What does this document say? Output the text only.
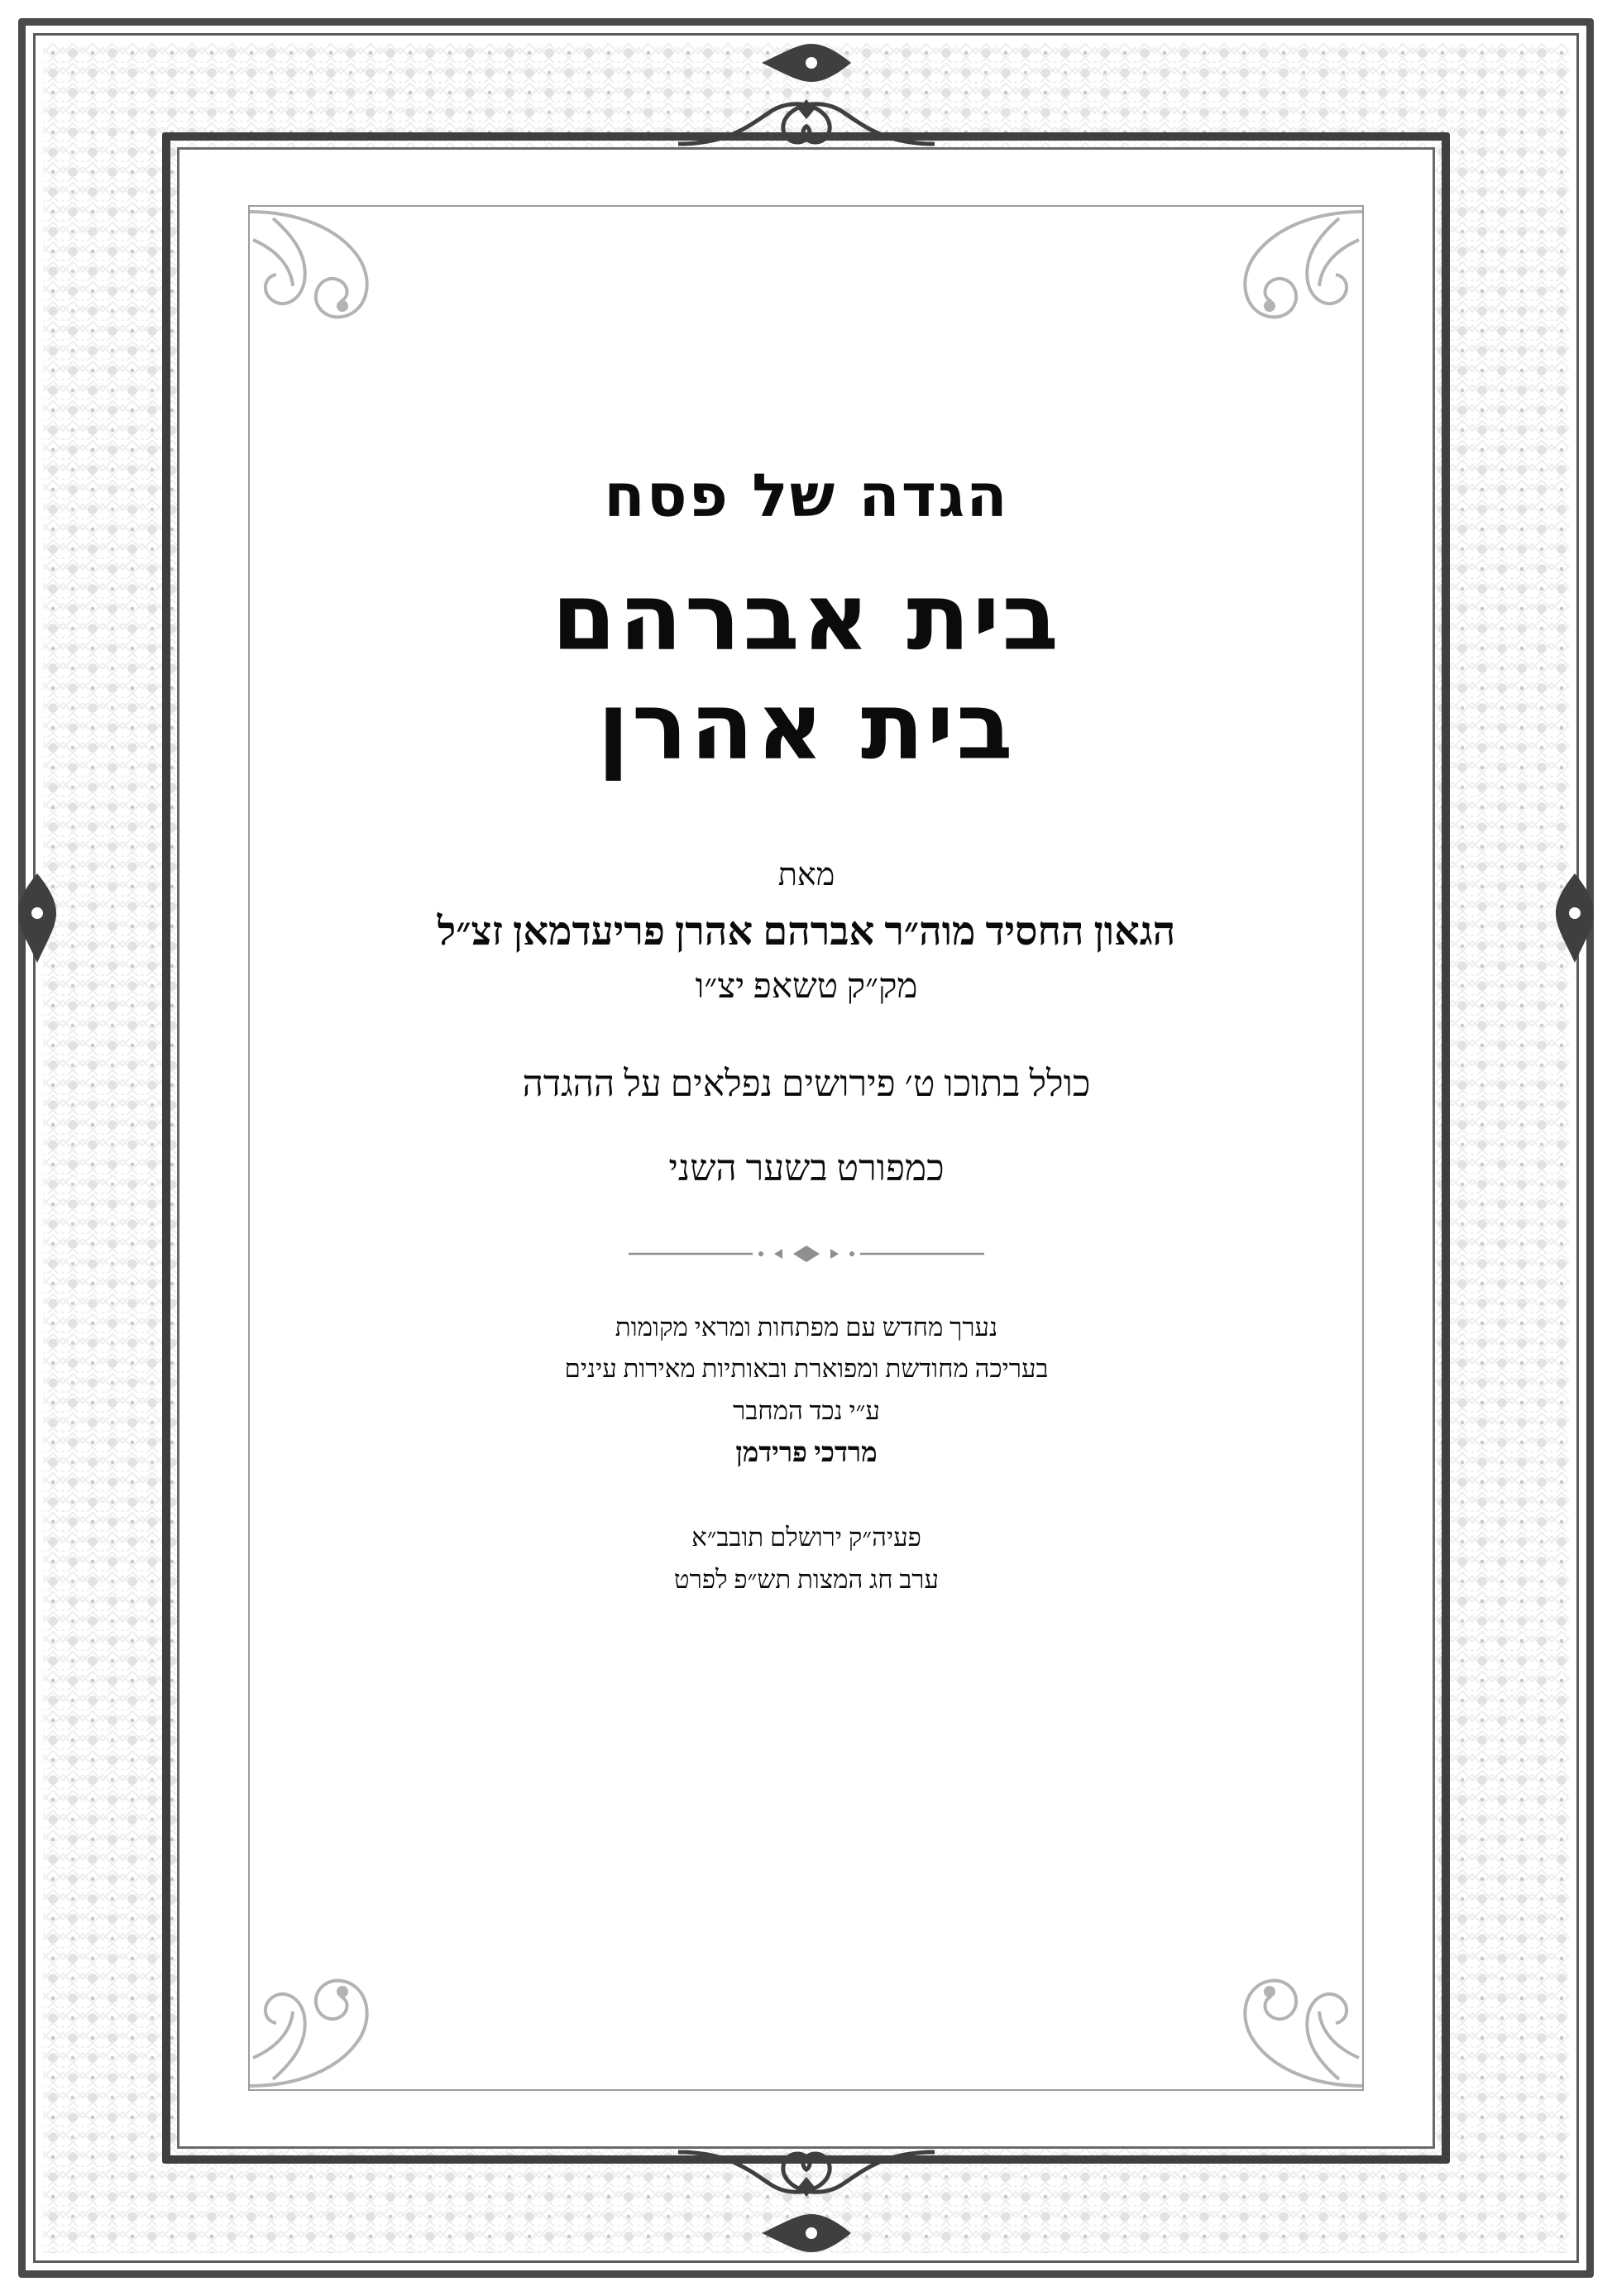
הגדה של פסח
בית אברהם
בית אהרן
מאת
הגאון החסיד מוה״ר אברהם אהרן פריעדמאן זצ״ל
מק״ק טשאפ יצ״ו
כולל בתוכו ט׳ פירושים נפלאים על ההגדה
כמפורט בשער השני
נערך מחדש עם מפתחות ומראי מקומות
בעריכה מחודשת ומפוארת ובאותיות מאירות עינים
ע״י נכד המחבר
מרדכי פרידמן
פעיה״ק ירושלם תובב״א
ערב חג המצות תש״פ לפרט
